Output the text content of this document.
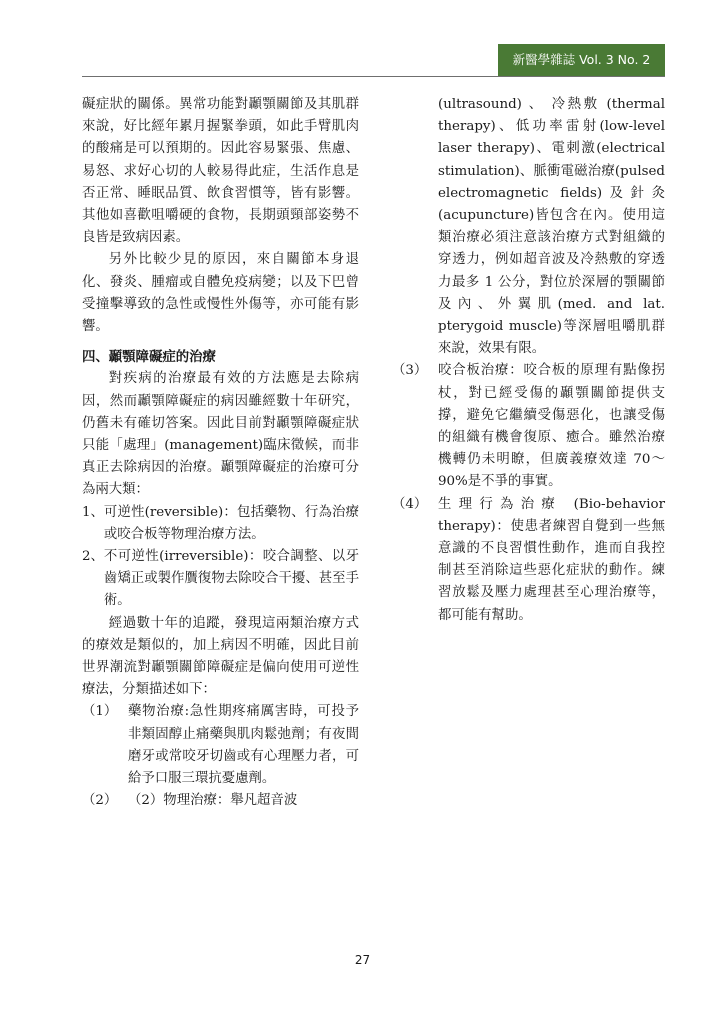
新醫學雜誌 Vol. 3 No. 2

礙症狀的關係。異常功能對顳顎關節及其肌群來說，好比經年累月握緊拳頭，如此手臂肌肉的酸痛是可以預期的。因此容易緊張、焦慮、易怒、求好心切的人較易得此症，生活作息是否正常、睡眠品質、飲食習慣等，皆有影響。其他如喜歡咀嚼硬的食物，長期頭頸部姿勢不良皆是致病因素。

另外比較少見的原因，來自關節本身退化、發炎、腫瘤或自體免疫病變；以及下巴曾受撞擊導致的急性或慢性外傷等，亦可能有影響。

四、顳顎障礙症的治療

對疾病的治療最有效的方法應是去除病因，然而顳顎障礙症的病因雖經數十年研究，仍舊未有確切答案。因此目前對顳顎障礙症狀只能「處理」(management)臨床徵候，而非真正去除病因的治療。顳顎障礙症的治療可分為兩大類：

1、 可逆性(reversible)：包括藥物、行為治療或咬合板等物理治療方法。
2、 不可逆性(irreversible)：咬合調整、以牙齒矯正或製作贋復物去除咬合干擾、甚至手術。

經過數十年的追蹤，發現這兩類治療方式的療效是類似的，加上病因不明確，因此目前世界潮流對顳顎關節障礙症是偏向使用可逆性療法，分類描述如下：

（1） 藥物治療:急性期疼痛厲害時，可投予非類固醇止痛藥與肌肉鬆弛劑；有夜間磨牙或常咬牙切齒或有心理壓力者，可給予口服三環抗憂慮劑。
（2） （2）物理治療：舉凡超音波

(ultrasound) 、 冷熱敷 (thermal therapy)、低功率雷射(low-level laser therapy)、電刺激(electrical stimulation)、脈衝電磁治療(pulsed electromagnetic fields)及針灸(acupuncture)皆包含在內。使用這類治療必須注意該治療方式對組織的穿透力，例如超音波及冷熱敷的穿透力最多 1 公分，對位於深層的顎關節及內、外翼肌(med. and lat. pterygoid muscle)等深層咀嚼肌群來說，效果有限。

（3） 咬合板治療：咬合板的原理有點像拐杖，對已經受傷的顳顎關節提供支撐，避免它繼續受傷惡化，也讓受傷的組織有機會復原、癒合。雖然治療機轉仍未明瞭，但廣義療效達 70～90%是不爭的事實。
（4） 生理行為治療 (Bio-behavior therapy)：使患者練習自覺到一些無意識的不良習慣性動作，進而自我控制甚至消除這些惡化症狀的動作。練習放鬆及壓力處理甚至心理治療等，都可能有幫助。
27
